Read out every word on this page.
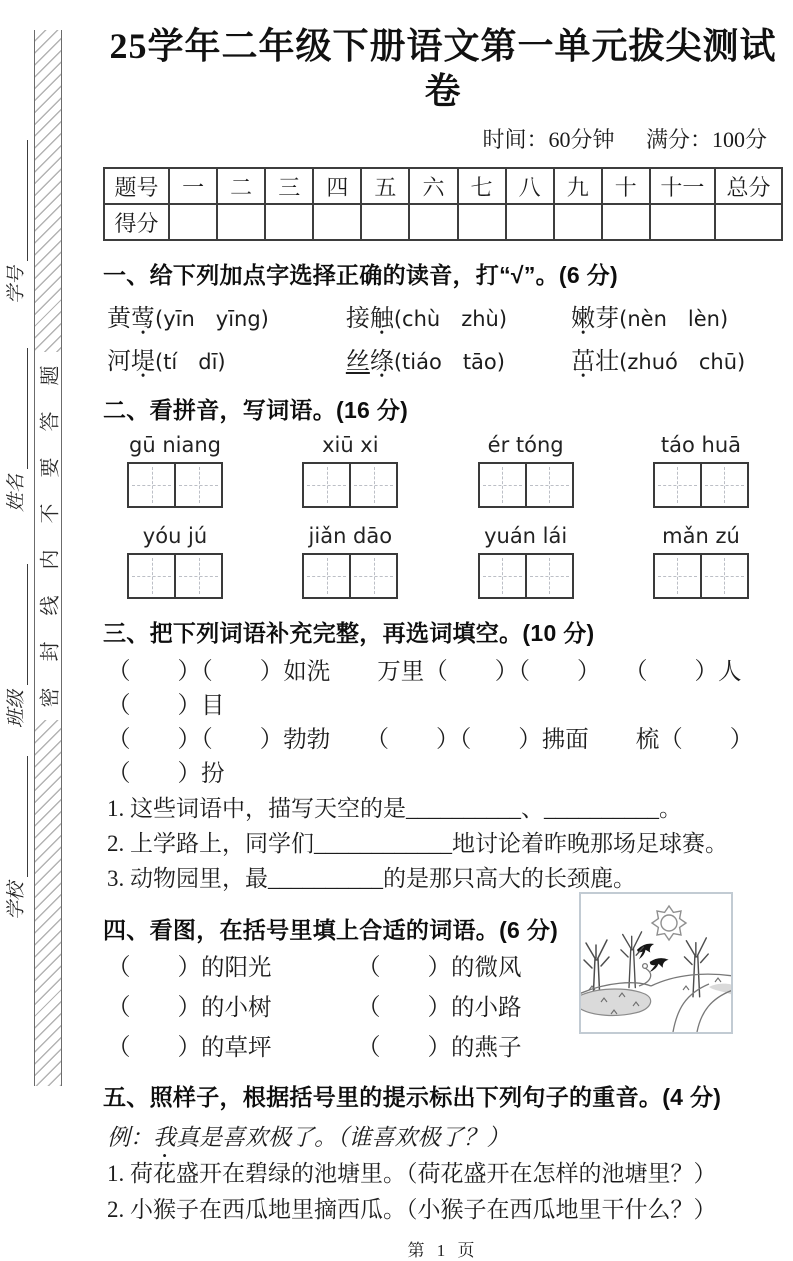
学号
姓名
班级
学校
题
答
要
不
内
线
封
密
25学年二年级下册语文第一单元拔尖测试卷
时间：60分钟 满分：100分
题号	一	二	三	四	五	六	七	八	九	十	十一	总分
得分												
一、给下列加点字选择正确的读音，打“√”。(6 分)
黄莺(yīn　yīng)	接触(chù　zhù)	嫩芽(nèn　lèn)
河堤(tí　dī)	丝绦(tiáo　tāo)	茁壮(zhuó　chū)
二、看拼音，写词语。(16 分)
gū niang	xiū xi	ér tóng	táo huā
yóu jú	jiǎn dāo	yuán lái	mǎn zú
三、把下列词语补充完整，再选词填空。(10 分)
（　　）（　　）如洗　　万里（　　）（　　）　　（　　）人（　　）目
（　　）（　　）勃勃　　（　　）（　　）拂面　　梳（　　）（　　）扮
1. 这些词语中，描写天空的是__________、__________。
2. 上学路上，同学们____________地讨论着昨晚那场足球赛。
3. 动物园里，最__________的是那只高大的长颈鹿。
四、看图，在括号里填上合适的词语。(6 分)
（　　）的阳光	（　　）的微风
（　　）的小树	（　　）的小路
（　　）的草坪	（　　）的燕子
五、照样子，根据括号里的提示标出下列句子的重音。(4 分)
例：我真是喜欢极了。（谁喜欢极了？）
1. 荷花盛开在碧绿的池塘里。（荷花盛开在怎样的池塘里？）
2. 小猴子在西瓜地里摘西瓜。（小猴子在西瓜地里干什么？）
第 1 页
